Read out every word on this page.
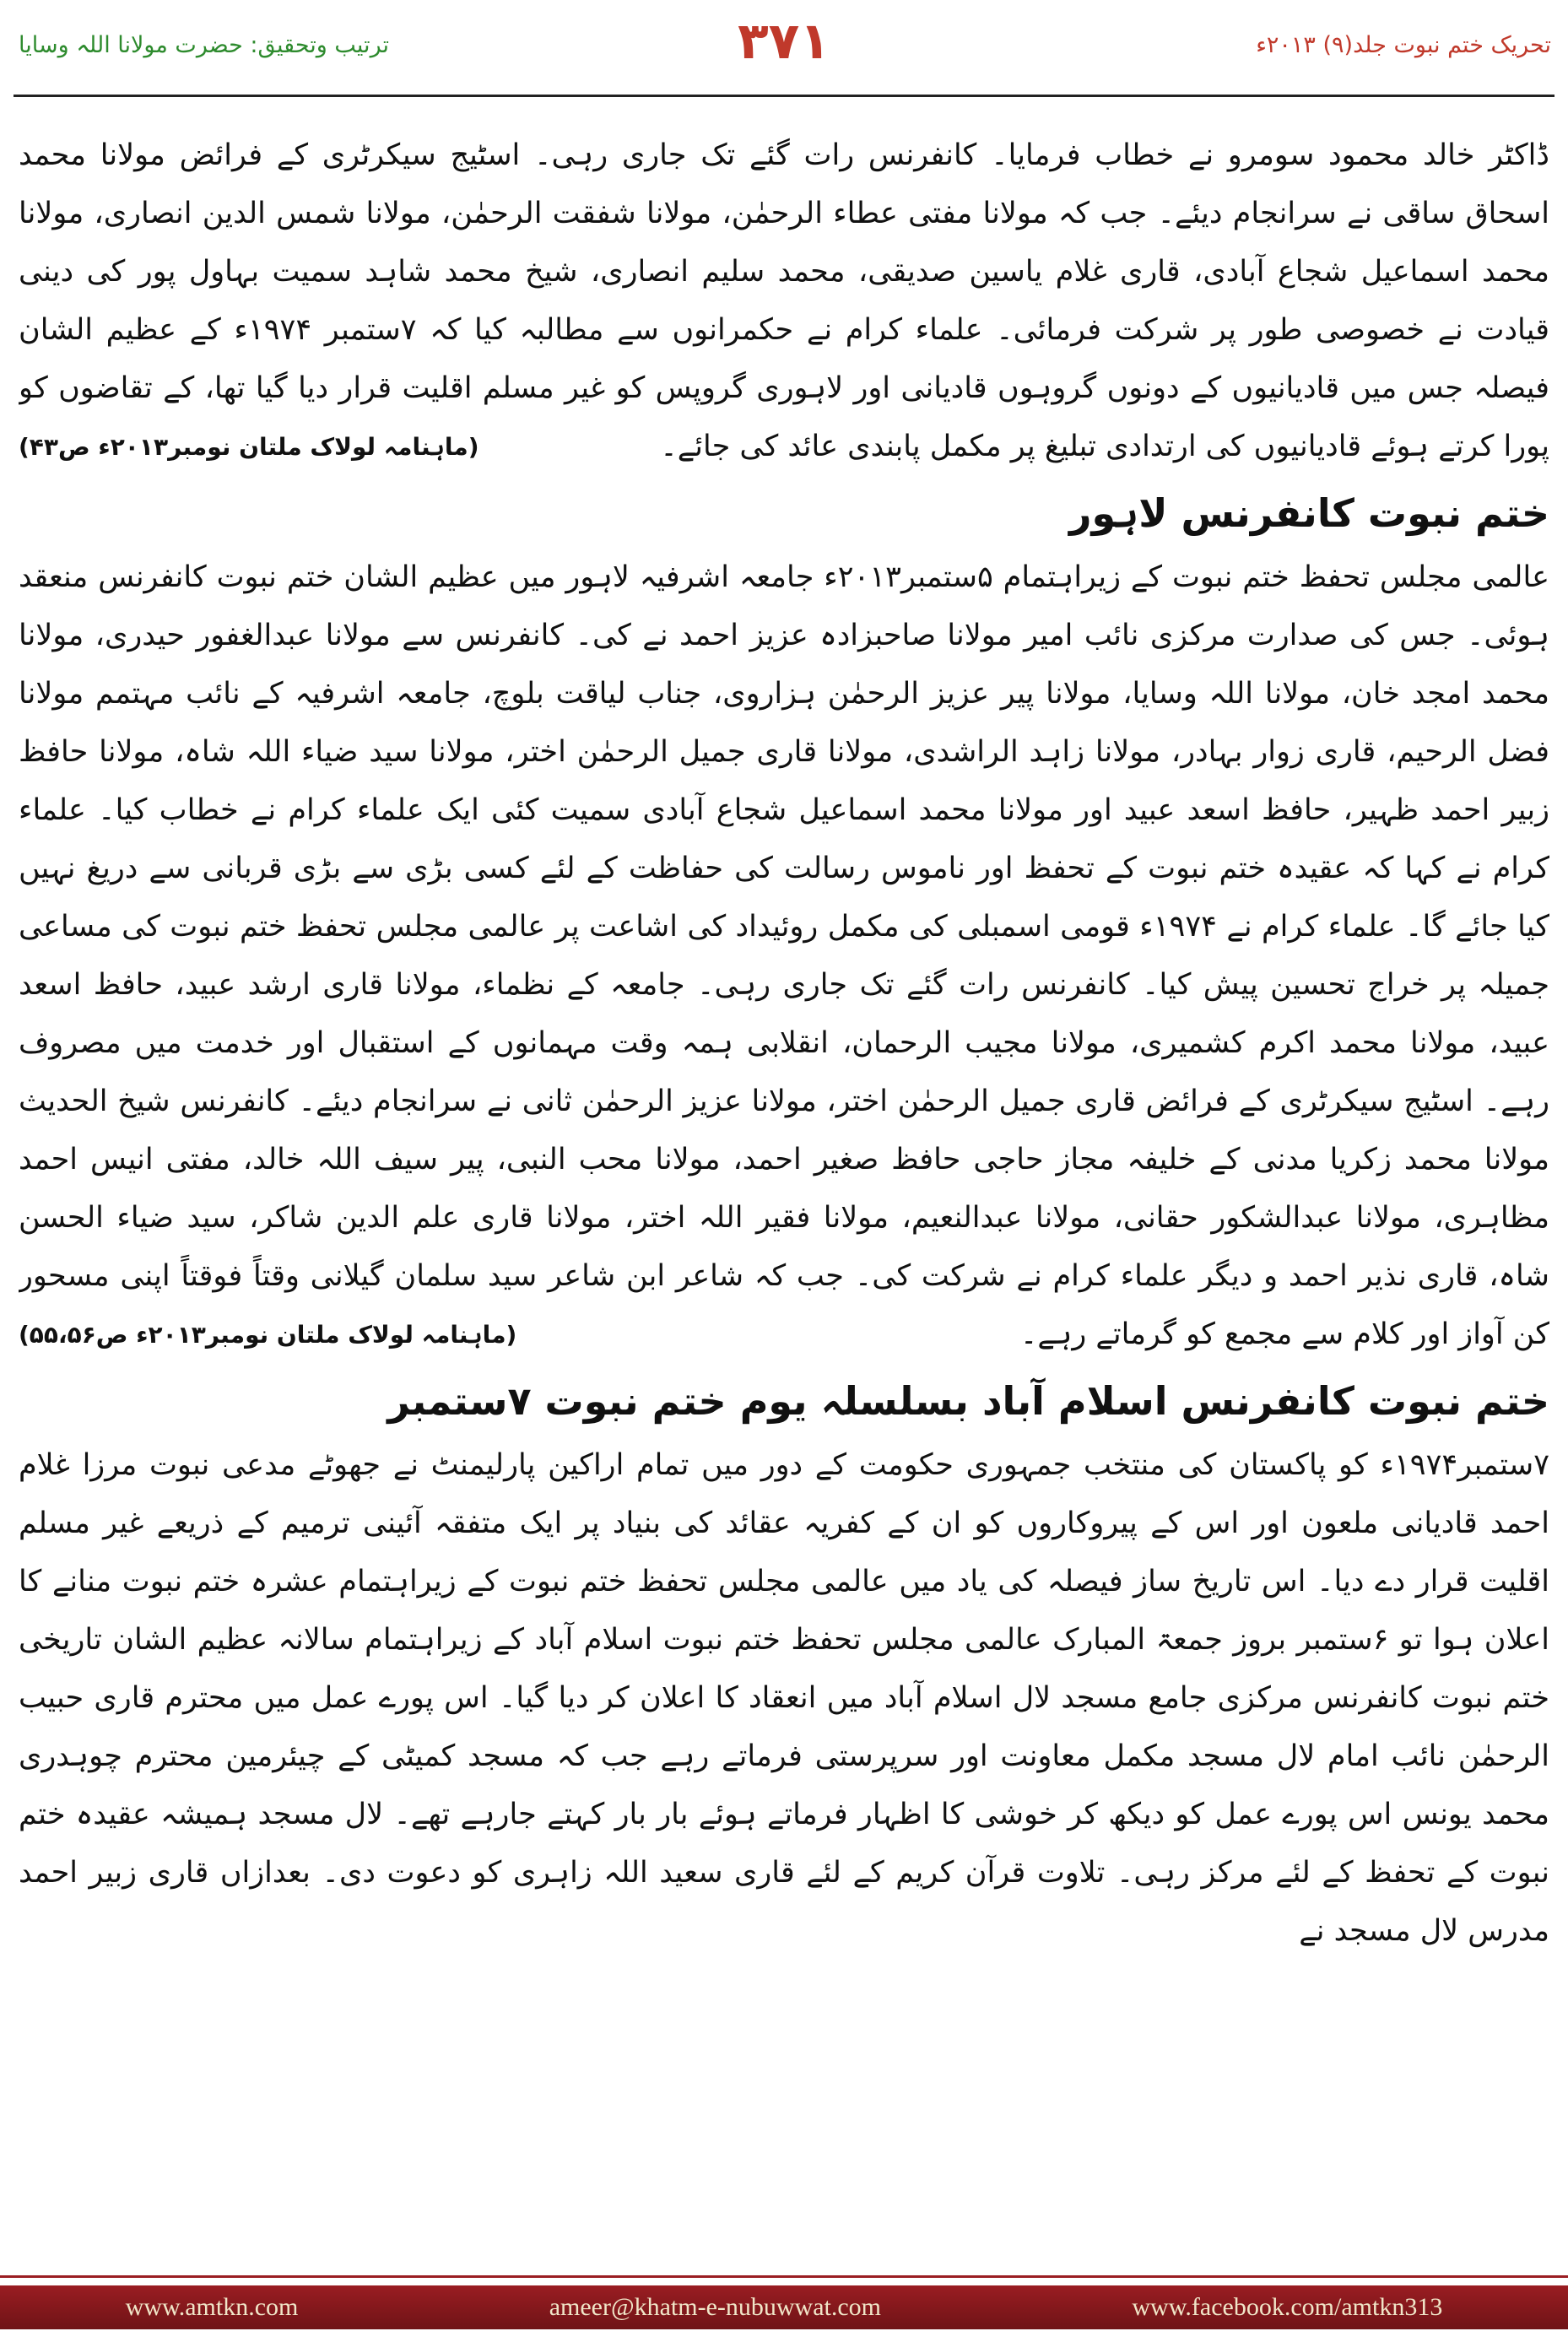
ترتیب وتحقیق: حضرت مولانا اللہ وسایا	۳۷۱	تحریک ختم نبوت جلد(۹) ۲۰۱۳ء

ڈاکٹر خالد محمود سومرو نے خطاب فرمایا۔ کانفرنس رات گئے تک جاری رہی۔ اسٹیج سیکرٹری کے فرائض مولانا محمد اسحاق ساقی نے سرانجام دیئے۔ جب کہ مولانا مفتی عطاء الرحمٰن، مولانا شفقت الرحمٰن، مولانا شمس الدین انصاری، مولانا محمد اسماعیل شجاع آبادی، قاری غلام یاسین صدیقی، محمد سلیم انصاری، شیخ محمد شاہد سمیت بہاول پور کی دینی قیادت نے خصوصی طور پر شرکت فرمائی۔ علماء کرام نے حکمرانوں سے مطالبہ کیا کہ ۷ستمبر ۱۹۷۴ء کے عظیم الشان فیصلہ جس میں قادیانیوں کے دونوں گروہوں قادیانی اور لاہوری گروپس کو غیر مسلم اقلیت قرار دیا گیا تھا، کے تقاضوں کو پورا کرتے ہوئے قادیانیوں کی ارتدادی تبلیغ پر مکمل پابندی عائد کی جائے۔

(ماہنامہ لولاک ملتان نومبر۲۰۱۳ء ص۴۳)
ختم نبوت کانفرنس لاہور

عالمی مجلس تحفظ ختم نبوت کے زیراہتمام ۵ستمبر۲۰۱۳ء جامعہ اشرفیہ لاہور میں عظیم الشان ختم نبوت کانفرنس منعقد ہوئی۔ جس کی صدارت مرکزی نائب امیر مولانا صاحبزادہ عزیز احمد نے کی۔ کانفرنس سے مولانا عبدالغفور حیدری، مولانا محمد امجد خان، مولانا اللہ وسایا، مولانا پیر عزیز الرحمٰن ہزاروی، جناب لیاقت بلوچ، جامعہ اشرفیہ کے نائب مہتمم مولانا فضل الرحیم، قاری زوار بہادر، مولانا زاہد الراشدی، مولانا قاری جمیل الرحمٰن اختر، مولانا سید ضیاء اللہ شاہ، مولانا حافظ زبیر احمد ظہیر، حافظ اسعد عبید اور مولانا محمد اسماعیل شجاع آبادی سمیت کئی ایک علماء کرام نے خطاب کیا۔ علماء کرام نے کہا کہ عقیدہ ختم نبوت کے تحفظ اور ناموس رسالت کی حفاظت کے لئے کسی بڑی سے بڑی قربانی سے دریغ نہیں کیا جائے گا۔ علماء کرام نے ۱۹۷۴ء قومی اسمبلی کی مکمل روئیداد کی اشاعت پر عالمی مجلس تحفظ ختم نبوت کی مساعی جمیلہ پر خراج تحسین پیش کیا۔ کانفرنس رات گئے تک جاری رہی۔ جامعہ کے نظماء، مولانا قاری ارشد عبید، حافظ اسعد عبید، مولانا محمد اکرم کشمیری، مولانا مجیب الرحمان، انقلابی ہمہ وقت مہمانوں کے استقبال اور خدمت میں مصروف رہے۔ اسٹیج سیکرٹری کے فرائض قاری جمیل الرحمٰن اختر، مولانا عزیز الرحمٰن ثانی نے سرانجام دیئے۔ کانفرنس شیخ الحدیث مولانا محمد زکریا مدنی کے خلیفہ مجاز حاجی حافظ صغیر احمد، مولانا محب النبی، پیر سیف اللہ خالد، مفتی انیس احمد مظاہری، مولانا عبدالشکور حقانی، مولانا عبدالنعیم، مولانا فقیر اللہ اختر، مولانا قاری علم الدین شاکر، سید ضیاء الحسن شاہ، قاری نذیر احمد و دیگر علماء کرام نے شرکت کی۔ جب کہ شاعر ابن شاعر سید سلمان گیلانی وقتاً فوقتاً اپنی مسحور کن آواز اور کلام سے مجمع کو گرماتے رہے۔

(ماہنامہ لولاک ملتان نومبر۲۰۱۳ء ص۵۵،۵۶)
ختم نبوت کانفرنس اسلام آباد بسلسلہ یوم ختم نبوت ۷ستمبر

۷ستمبر۱۹۷۴ء کو پاکستان کی منتخب جمہوری حکومت کے دور میں تمام اراکین پارلیمنٹ نے جھوٹے مدعی نبوت مرزا غلام احمد قادیانی ملعون اور اس کے پیروکاروں کو ان کے کفریہ عقائد کی بنیاد پر ایک متفقہ آئینی ترمیم کے ذریعے غیر مسلم اقلیت قرار دے دیا۔ اس تاریخ ساز فیصلہ کی یاد میں عالمی مجلس تحفظ ختم نبوت کے زیراہتمام عشرہ ختم نبوت منانے کا اعلان ہوا تو ۶ستمبر بروز جمعۃ المبارک عالمی مجلس تحفظ ختم نبوت اسلام آباد کے زیراہتمام سالانہ عظیم الشان تاریخی ختم نبوت کانفرنس مرکزی جامع مسجد لال اسلام آباد میں انعقاد کا اعلان کر دیا گیا۔ اس پورے عمل میں محترم قاری حبیب الرحمٰن نائب امام لال مسجد مکمل معاونت اور سرپرستی فرماتے رہے جب کہ مسجد کمیٹی کے چیئرمین محترم چوہدری محمد یونس اس پورے عمل کو دیکھ کر خوشی کا اظہار فرماتے ہوئے بار بار کہتے جارہے تھے۔ لال مسجد ہمیشہ عقیدہ ختم نبوت کے تحفظ کے لئے مرکز رہی۔ تلاوت قرآن کریم کے لئے قاری سعید اللہ زاہری کو دعوت دی۔ بعدازاں قاری زبیر احمد مدرس لال مسجد نے

www.amtkn.com	ameer@khatm-e-nubuwwat.com	www.facebook.com/amtkn313
